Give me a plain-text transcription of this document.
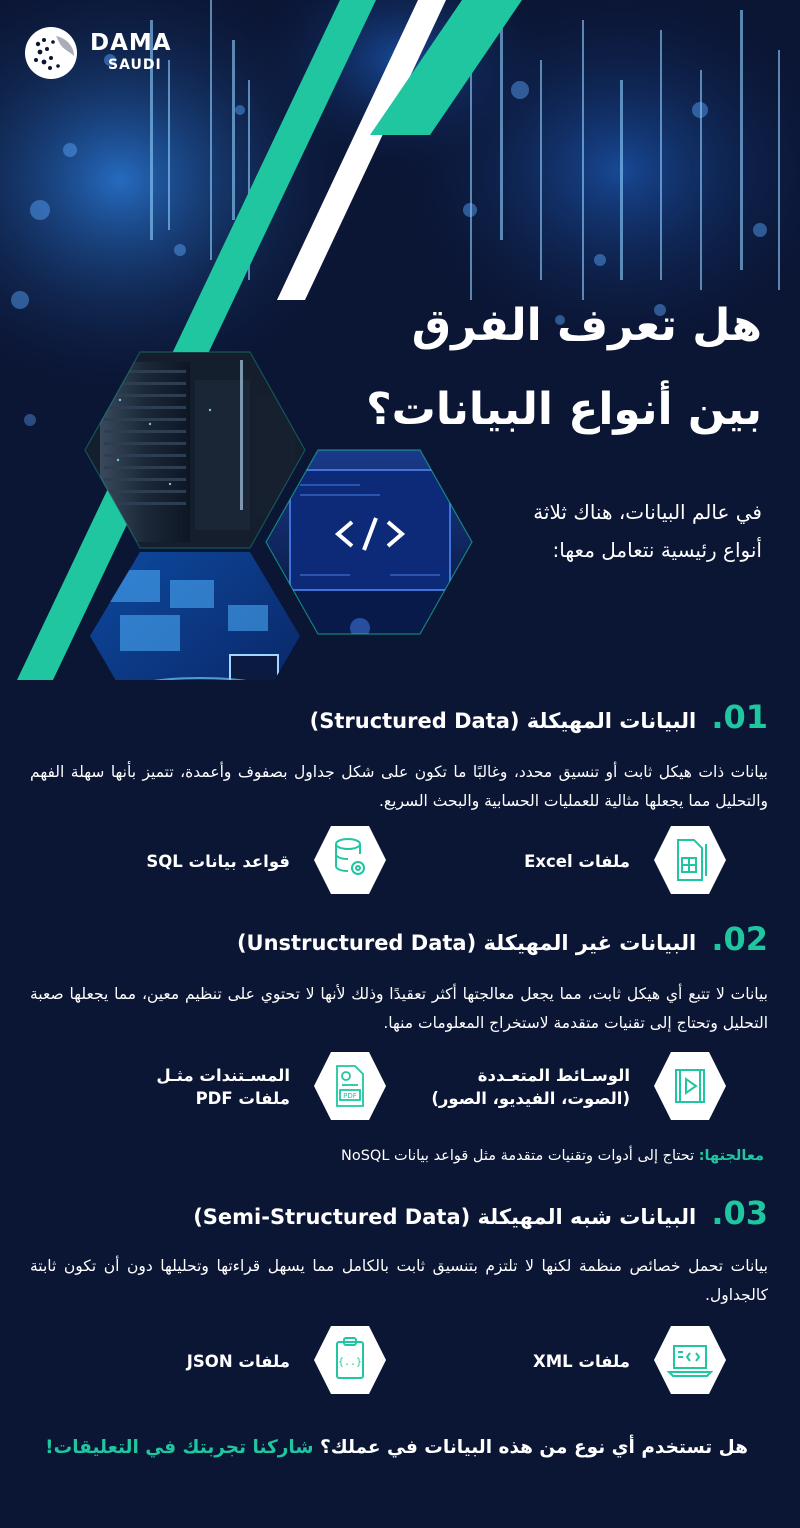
DAMA
SAUDI
هل تعرف الفرق
بين أنواع البيانات؟
في عالم البيانات، هناك ثلاثة أنواع رئيسية نتعامل معها:
01. البيانات المهيكلة (Structured Data)
بيانات ذات هيكل ثابت أو تنسيق محدد، وغالبًا ما تكون على شكل جداول بصفوف وأعمدة، تتميز بأنها سهلة الفهم والتحليل مما يجعلها مثالية للعمليات الحسابية والبحث السريع.
ملفات Excel
قواعد بيانات SQL
02. البيانات غير المهيكلة (Unstructured Data)
بيانات لا تتبع أي هيكل ثابت، مما يجعل معالجتها أكثر تعقيدًا وذلك لأنها لا تحتوي على تنظيم معين، مما يجعلها صعبة التحليل وتحتاج إلى تقنيات متقدمة لاستخراج المعلومات منها.
الوسـائط المتعـددة
(الصوت، الفيديو، الصور)
PDF
المسـتندات مثـل
ملفات PDF
معالجتها: تحتاج إلى أدوات وتقنيات متقدمة مثل قواعد بيانات NoSQL
03. البيانات شبه المهيكلة (Semi-Structured Data)
بيانات تحمل خصائص منظمة لكنها لا تلتزم بتنسيق ثابت بالكامل مما يسهل قراءتها وتحليلها دون أن تكون ثابتة كالجداول.
ملفات XML
{..}
ملفات JSON
هل تستخدم أي نوع من هذه البيانات في عملك؟ شاركنا تجربتك في التعليقات!
